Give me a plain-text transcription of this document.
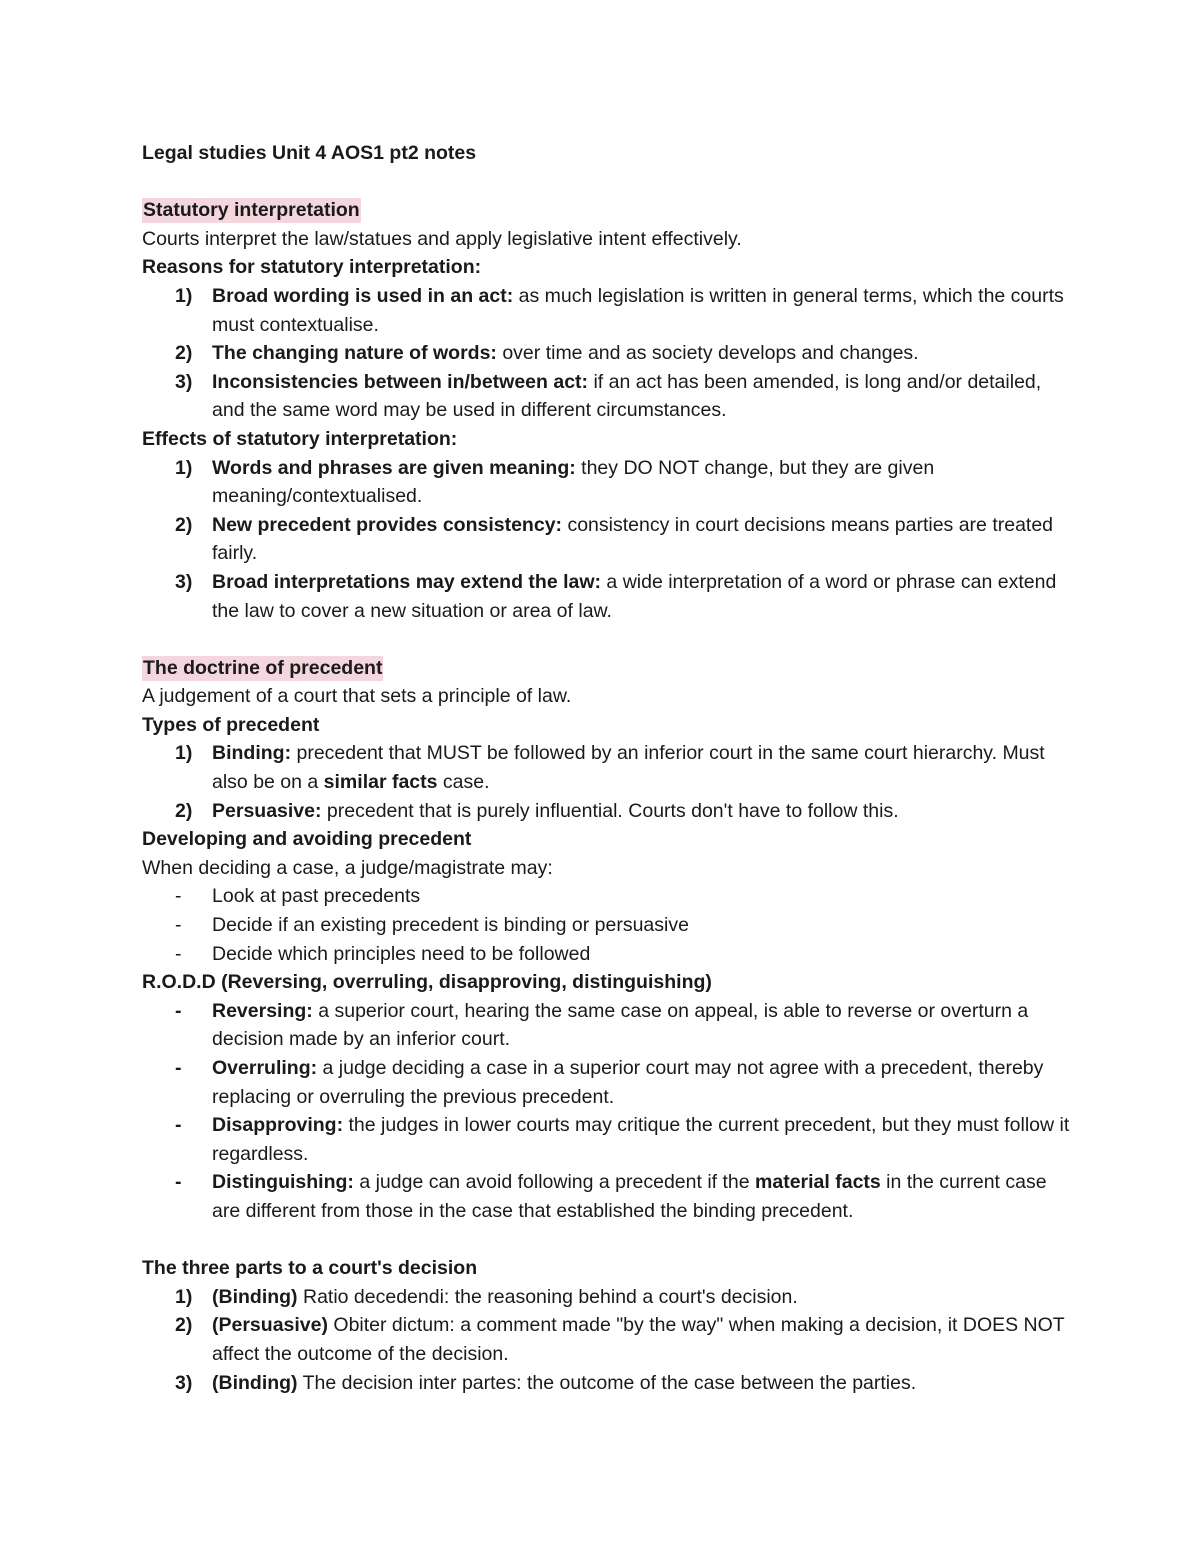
Legal studies Unit 4 AOS1 pt2 notes
Statutory interpretation
Courts interpret the law/statues and apply legislative intent effectively.
Reasons for statutory interpretation:
1) Broad wording is used in an act: as much legislation is written in general terms, which the courts must contextualise.
2) The changing nature of words: over time and as society develops and changes.
3) Inconsistencies between in/between act: if an act has been amended, is long and/or detailed, and the same word may be used in different circumstances.
Effects of statutory interpretation:
1) Words and phrases are given meaning: they DO NOT change, but they are given meaning/contextualised.
2) New precedent provides consistency: consistency in court decisions means parties are treated fairly.
3) Broad interpretations may extend the law: a wide interpretation of a word or phrase can extend the law to cover a new situation or area of law.
The doctrine of precedent
A judgement of a court that sets a principle of law.
Types of precedent
1) Binding: precedent that MUST be followed by an inferior court in the same court hierarchy. Must also be on a similar facts case.
2) Persuasive: precedent that is purely influential. Courts don't have to follow this.
Developing and avoiding precedent
When deciding a case, a judge/magistrate may:
- Look at past precedents
- Decide if an existing precedent is binding or persuasive
- Decide which principles need to be followed
R.O.D.D (Reversing, overruling, disapproving, distinguishing)
- Reversing: a superior court, hearing the same case on appeal, is able to reverse or overturn a decision made by an inferior court.
- Overruling: a judge deciding a case in a superior court may not agree with a precedent, thereby replacing or overruling the previous precedent.
- Disapproving: the judges in lower courts may critique the current precedent, but they must follow it regardless.
- Distinguishing: a judge can avoid following a precedent if the material facts in the current case are different from those in the case that established the binding precedent.
The three parts to a court's decision
1) (Binding) Ratio decedendi: the reasoning behind a court's decision.
2) (Persuasive) Obiter dictum: a comment made "by the way" when making a decision, it DOES NOT affect the outcome of the decision.
3) (Binding) The decision inter partes: the outcome of the case between the parties.
